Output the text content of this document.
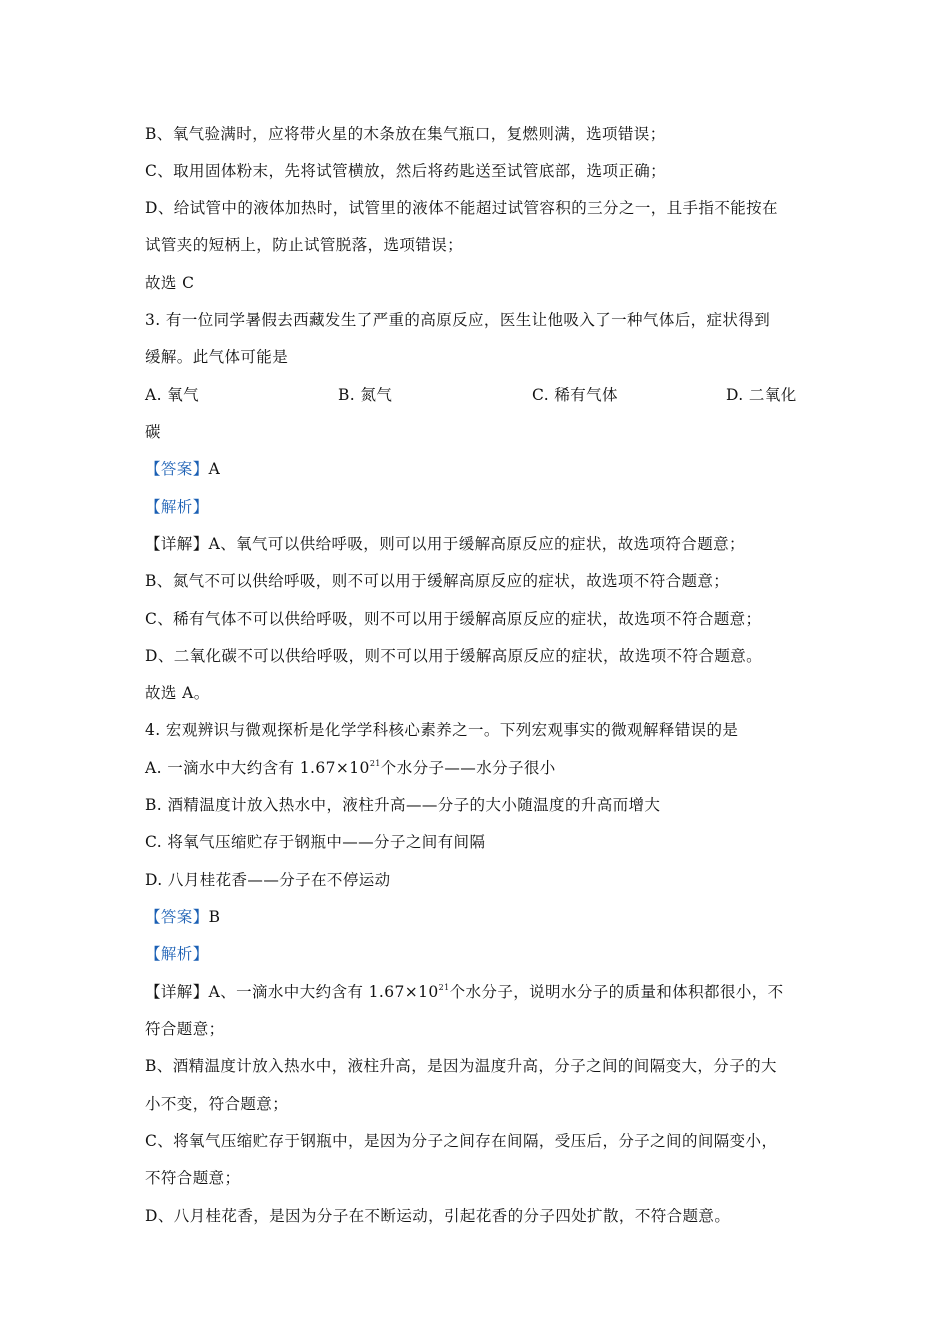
B、氧气验满时，应将带火星的木条放在集气瓶口，复燃则满，选项错误；
C、取用固体粉末，先将试管横放，然后将药匙送至试管底部，选项正确；
D、给试管中的液体加热时，试管里的液体不能超过试管容积的三分之一，且手指不能按在
试管夹的短柄上，防止试管脱落，选项错误；
故选 C
3. 有一位同学暑假去西藏发生了严重的高原反应，医生让他吸入了一种气体后，症状得到
缓解。此气体可能是
A. 氧气	B. 氮气	C. 稀有气体	D. 二氧化
碳
【答案】A
【解析】
【详解】A、氧气可以供给呼吸，则可以用于缓解高原反应的症状，故选项符合题意；
B、氮气不可以供给呼吸，则不可以用于缓解高原反应的症状，故选项不符合题意；
C、稀有气体不可以供给呼吸，则不可以用于缓解高原反应的症状，故选项不符合题意；
D、二氧化碳不可以供给呼吸，则不可以用于缓解高原反应的症状，故选项不符合题意。
故选 A。
4. 宏观辨识与微观探析是化学学科核心素养之一。下列宏观事实的微观解释错误的是
A. 一滴水中大约含有 $1.67\times 10^{21}$个水分子——水分子很小
B. 酒精温度计放入热水中，液柱升高——分子的大小随温度的升高而增大
C. 将氧气压缩贮存于钢瓶中——分子之间有间隔
D. 八月桂花香——分子在不停运动
【答案】B
【解析】
【详解】A、一滴水中大约含有 $1.67\times 10^{21}$个水分子，说明水分子的质量和体积都很小，不
符合题意；
B、酒精温度计放入热水中，液柱升高，是因为温度升高，分子之间的间隔变大，分子的大
小不变，符合题意；
C、将氧气压缩贮存于钢瓶中，是因为分子之间存在间隔，受压后，分子之间的间隔变小，
不符合题意；
D、八月桂花香，是因为分子在不断运动，引起花香的分子四处扩散，不符合题意。
